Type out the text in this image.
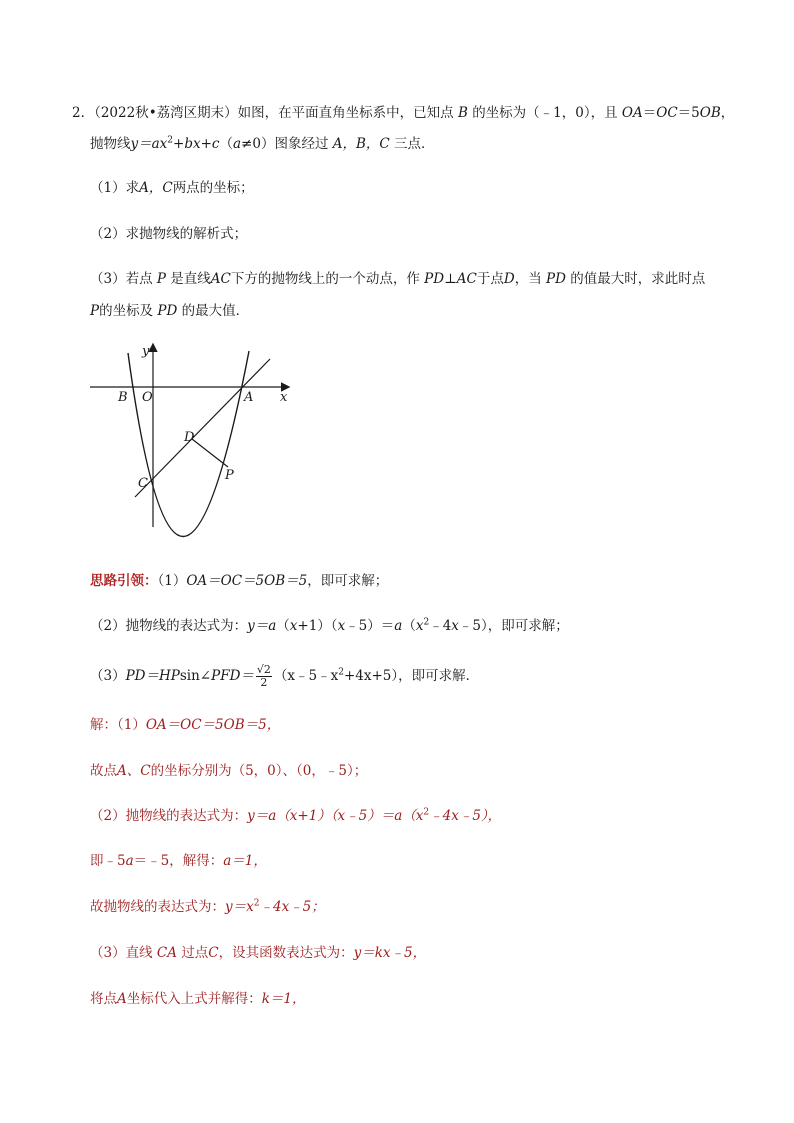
2．（2022秋•荔湾区期末）如图，在平面直角坐标系中，已知点 B 的坐标为（﹣1，0），且 OA＝OC＝5OB，
抛物线$y=ax^2+bx+c(a\ne 0)$图象经过 A，B，C 三点．
（1）求A，C两点的坐标；
（2）求抛物线的解析式；
（3）若点 P 是直线AC下方的抛物线上的一个动点，作 PD⊥AC于点D，当 PD 的值最大时，求此时点
P的坐标及 PD 的最大值．
y
x
B O	A
D
C
P
思路引领：（1）OA＝OC＝5OB＝5，即可求解；
（2）抛物线的表达式为：$y=a(x+1)(x﹣5)=a(x^2﹣4x﹣5)$，即可求解；
（3）PD＝HPsin∠PFD＝ $\frac{√2}{2}$ $(x﹣5﹣x^2+4x+5)$，即可求解．
解：（1）OA＝OC＝5OB＝5，
故点A、C的坐标分别为（5，0）、（0，﹣5）；
（2）抛物线的表达式为：$y=a(x+1)(x﹣5)=a(x^2﹣4x﹣5)$，
即﹣5a＝﹣5，解得：a＝1，
故抛物线的表达式为：$y=x^2﹣4x﹣5$；
（3）直线 CA 过点C，设其函数表达式为：y＝kx﹣5，
将点A坐标代入上式并解得：k＝1，
